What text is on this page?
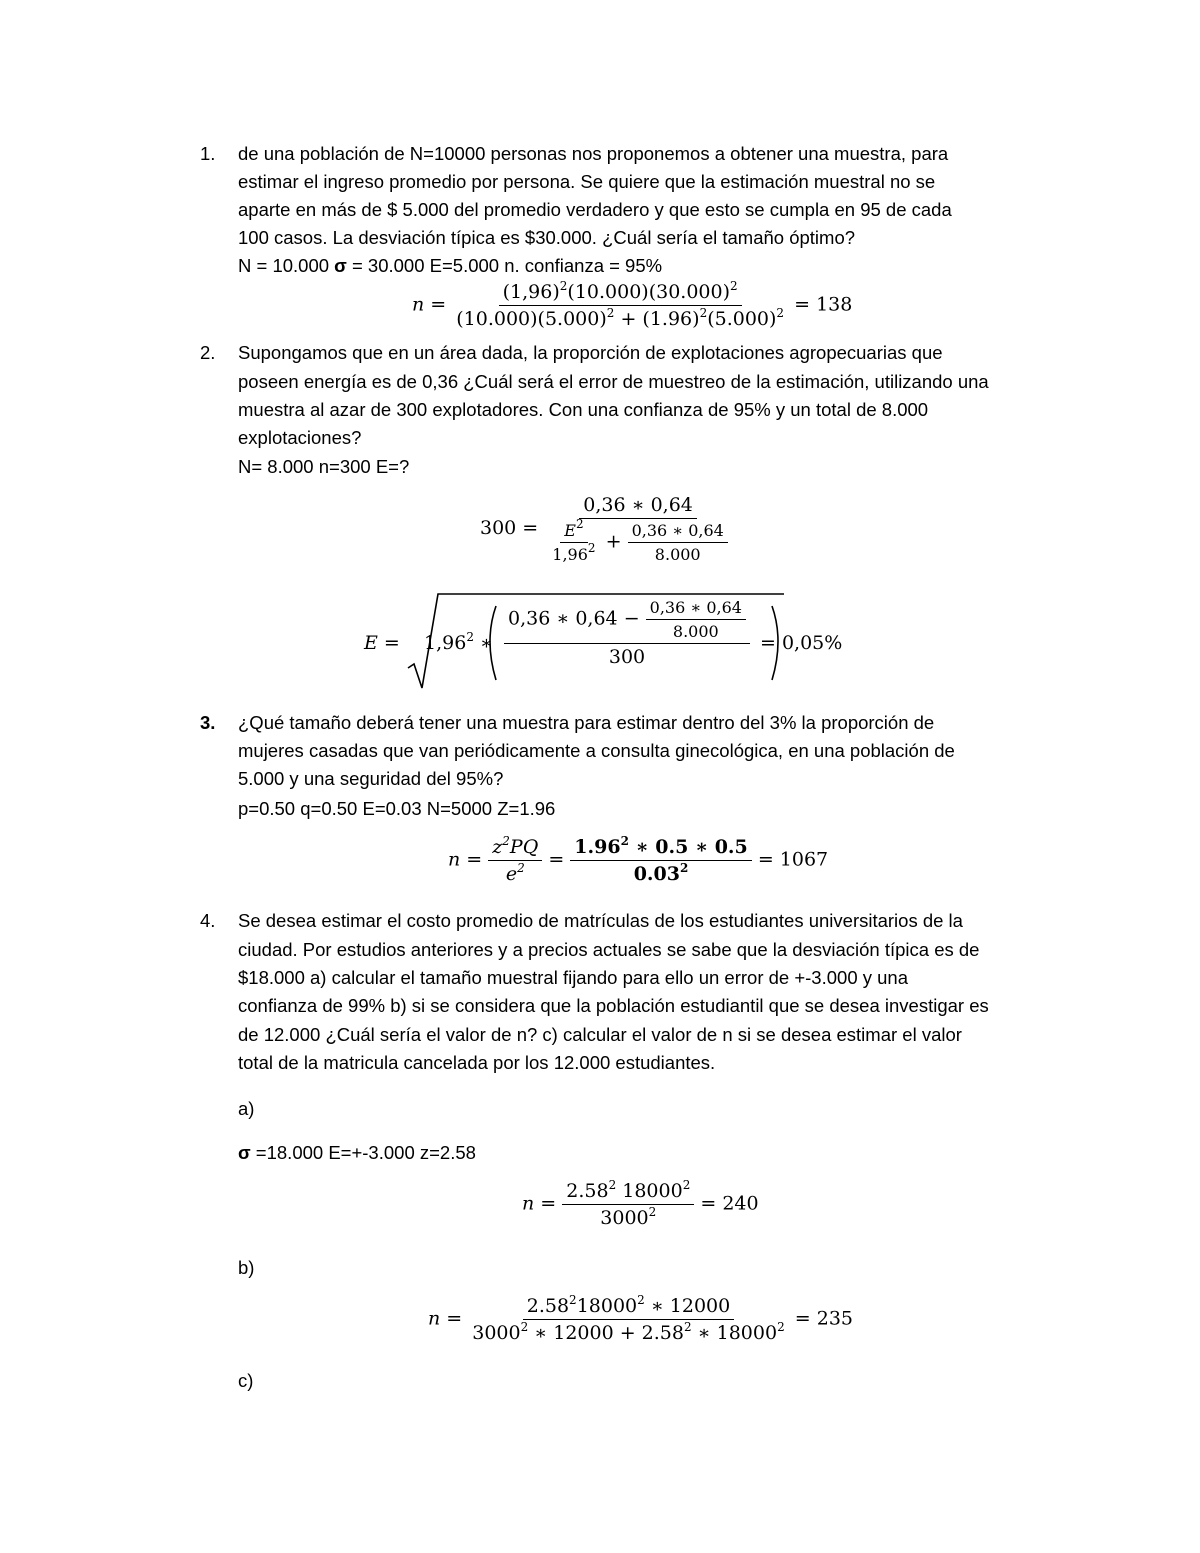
1. de una población de N=10000 personas nos proponemos a obtener una muestra, para
estimar el ingreso promedio por persona. Se quiere que la estimación muestral no se
aparte en más de $ 5.000 del promedio verdadero y que esto se cumpla en 95 de cada
100 casos. La desviación típica es $30.000. ¿Cuál sería el tamaño óptimo?
N = 10.000 σ = 30.000 E=5.000 n. confianza = 95%
$n = \frac{(1,96)^2(10.000)(30.000)^2}{(10.000)(5.000)^2 + (1.96)^2(5.000)^2} = 138$
2. Supongamos que en un área dada, la proporción de explotaciones agropecuarias que
poseen energía es de 0,36 ¿Cuál será el error de muestreo de la estimación, utilizando una
muestra al azar de 300 explotadores. Con una confianza de 95% y un total de 8.000
explotaciones?
N= 8.000 n=300 E=?
300 =
0,36 ∗ 0,64
$\frac{E^2}{1,96^2} + \frac{0,36 ∗ 0,64}{8.000}$
$E = 1,96^2$ ∗ $\frac{0,36 ∗ 0,64 - \frac{0,36 ∗ 0,64}{8.000}}{300} = 0,05\%$
3. ¿Qué tamaño deberá tener una muestra para estimar dentro del 3% la proporción de
mujeres casadas que van periódicamente a consulta ginecológica, en una población de
5.000 y una seguridad del 95%?
p=0.50 q=0.50 E=0.03 N=5000 Z=1.96
$n = \frac{z^2PQ}{e^2} = \frac{1.96^2 ∗ 0.5 ∗ 0.5}{0.03^2} = 1067$
4. Se desea estimar el costo promedio de matrículas de los estudiantes universitarios de la
ciudad. Por estudios anteriores y a precios actuales se sabe que la desviación típica es de
$18.000 a) calcular el tamaño muestral fijando para ello un error de +-3.000 y una
confianza de 99% b) si se considera que la población estudiantil que se desea investigar es
de 12.000 ¿Cuál sería el valor de n? c) calcular el valor de n si se desea estimar el valor
total de la matricula cancelada por los 12.000 estudiantes.
a)
σ =18.000 E=+-3.000 z=2.58
$n = \frac{2.58^2 18000^2}{3000^2} = 240$
b)
$n = \frac{2.58^218000^2 ∗ 12000}{3000^2 ∗ 12000 + 2.58^2 ∗ 18000^2} = 235$
c)
